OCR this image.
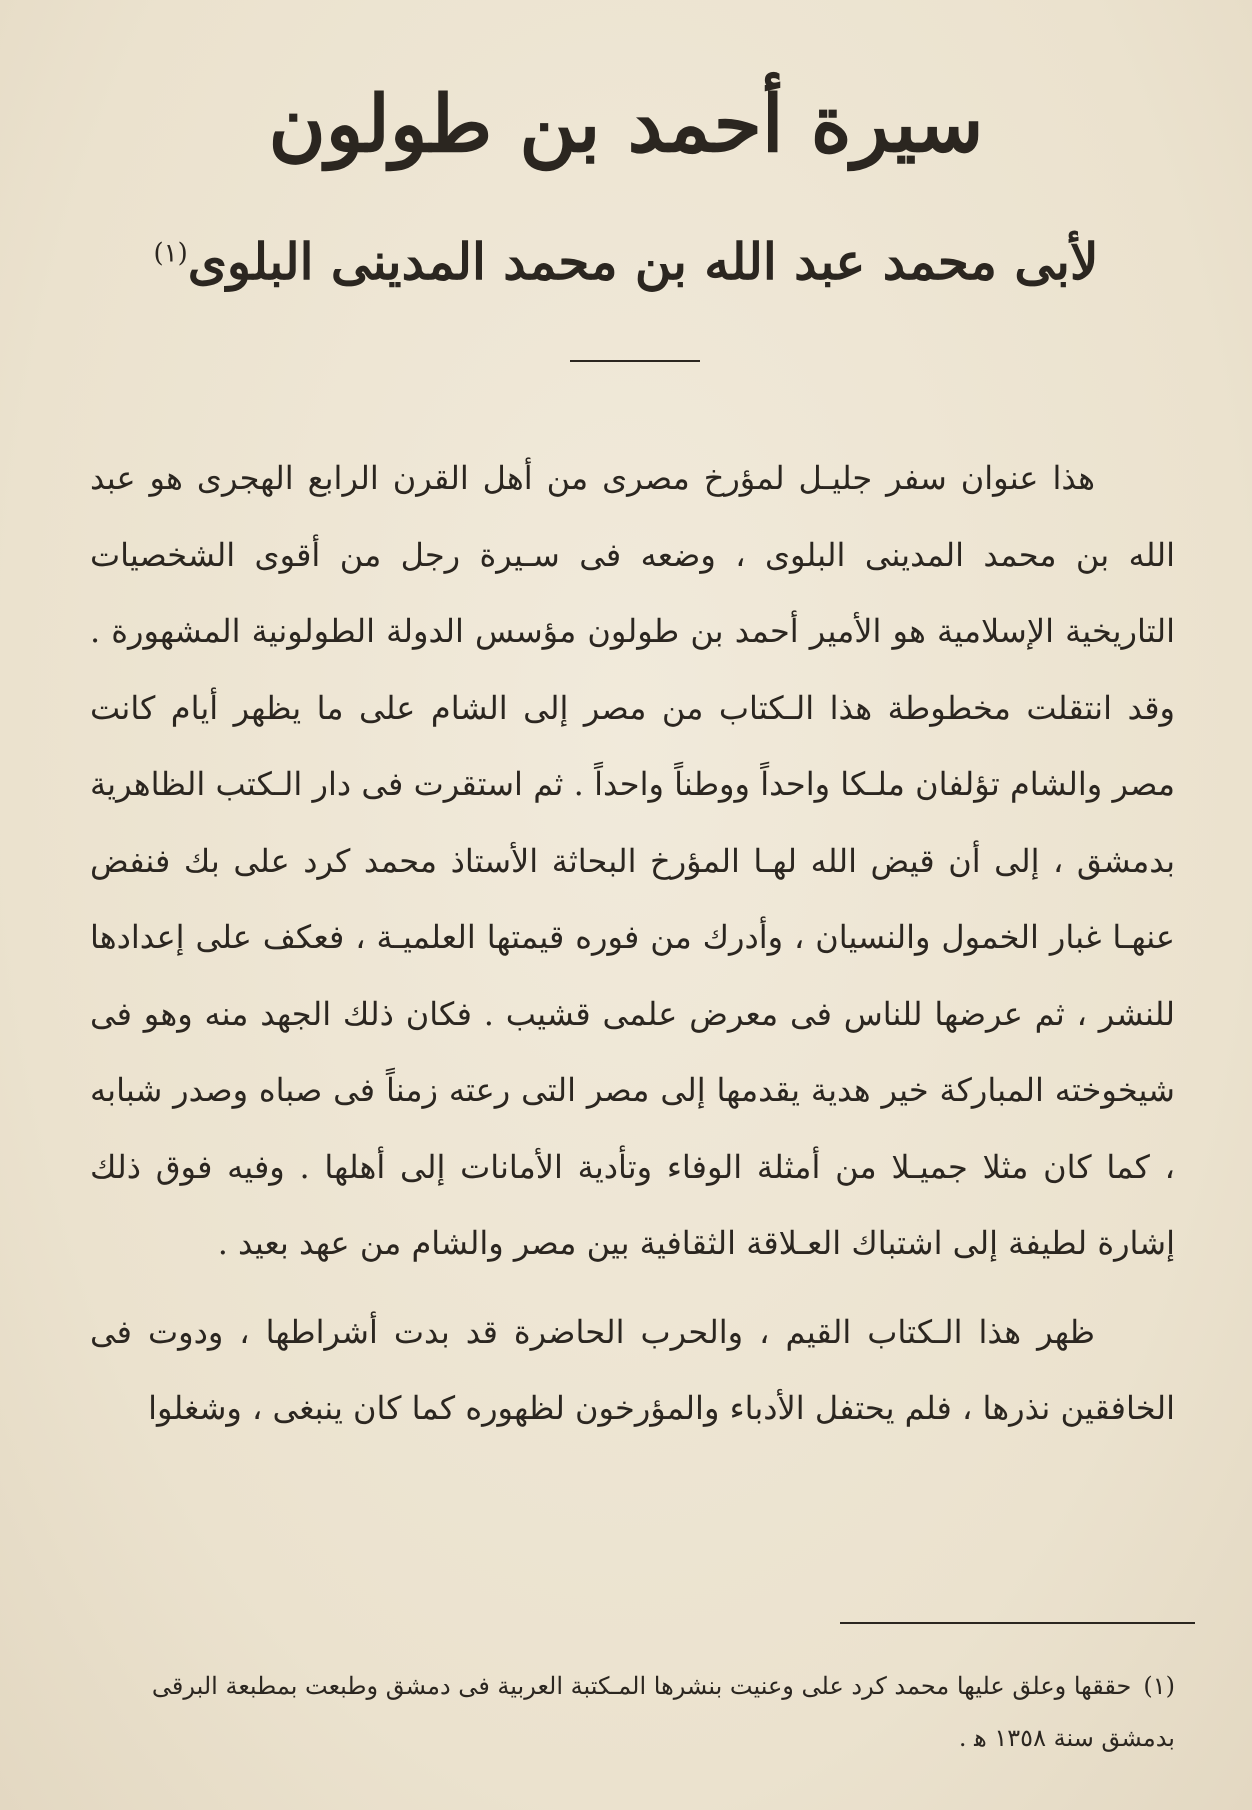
سيرة أحمد بن طولون
لأبى محمد عبد الله بن محمد المدينى البلوى$^{(١)}$

هذا عنوان سفر جليـل لمؤرخ مصرى من أهل القرن الرابع الهجرى هو عبد الله بن محمد المدينى البلوى ، وضعه فى سـيرة رجل من أقوى الشخصيات التاريخية الإسلامية هو الأمير أحمد بن طولون مؤسس الدولة الطولونية المشهورة . وقد انتقلت مخطوطة هذا الـكتاب من مصر إلى الشام على ما يظهر أيام كانت مصر والشام تؤلفان ملـكا واحداً ووطناً واحداً . ثم استقرت فى دار الـكتب الظاهرية بدمشق ، إلى أن قيض الله لهـا المؤرخ البحاثة الأستاذ محمد كرد على بك فنفض عنهـا غبار الخمول والنسيان ، وأدرك من فوره قيمتها العلميـة ، فعكف على إعدادها للنشر ، ثم عرضها للناس فى معرض علمى قشيب . فكان ذلك الجهد منه وهو فى شيخوخته المباركة خير هدية يقدمها إلى مصر التى رعته زمناً فى صباه وصدر شبابه ، كما كان مثلا جميـلا من أمثلة الوفاء وتأدية الأمانات إلى أهلها . وفيه فوق ذلك إشارة لطيفة إلى اشتباك العـلاقة الثقافية بين مصر والشام من عهد بعيد .

ظهر هذا الـكتاب القيم ، والحرب الحاضرة قد بدت أشراطها ، ودوت فى الخافقين نذرها ، فلم يحتفل الأدباء والمؤرخون لظهوره كما كان ينبغى ، وشغلوا

(١)حققها وعلق عليها محمد كرد على وعنيت بنشرها المـكتبة العربية فى دمشق وطبعت بمطبعة البرقى بدمشق سنة ١٣٥٨ ﻫ .
